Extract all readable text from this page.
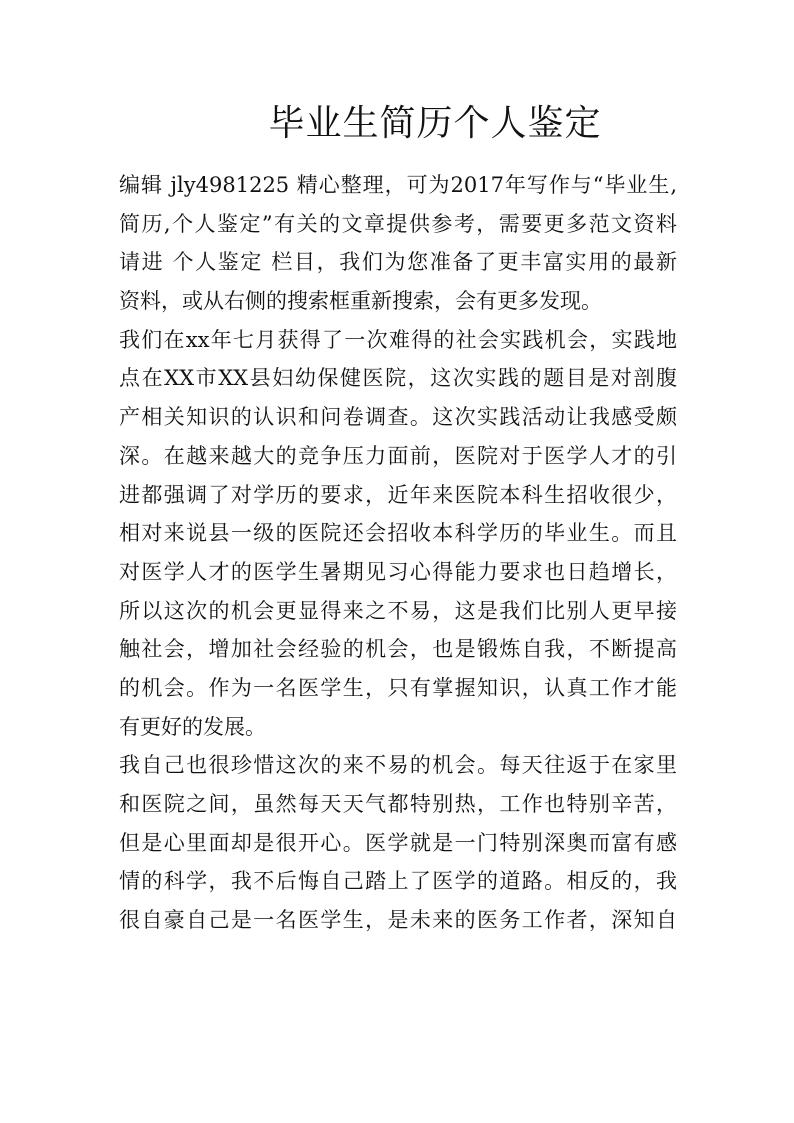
毕业生简历个人鉴定
编辑 jly4981225 精心整理，可为2017年写作与“毕业生,
简历,个人鉴定”有关的文章提供参考，需要更多范文资料
请进 个人鉴定 栏目，我们为您准备了更丰富实用的最新
资料，或从右侧的搜索框重新搜索，会有更多发现。
我们在xx年七月获得了一次难得的社会实践机会，实践地
点在XX市XX县妇幼保健医院，这次实践的题目是对剖腹
产相关知识的认识和问卷调查。这次实践活动让我感受颇
深。在越来越大的竞争压力面前，医院对于医学人才的引
进都强调了对学历的要求，近年来医院本科生招收很少，
相对来说县一级的医院还会招收本科学历的毕业生。而且
对医学人才的医学生暑期见习心得能力要求也日趋增长，
所以这次的机会更显得来之不易，这是我们比别人更早接
触社会，增加社会经验的机会，也是锻炼自我，不断提高
的机会。作为一名医学生，只有掌握知识，认真工作才能
有更好的发展。
我自己也很珍惜这次的来不易的机会。每天往返于在家里
和医院之间，虽然每天天气都特别热，工作也特别辛苦，
但是心里面却是很开心。医学就是一门特别深奥而富有感
情的科学，我不后悔自己踏上了医学的道路。相反的，我
很自豪自己是一名医学生，是未来的医务工作者，深知自
